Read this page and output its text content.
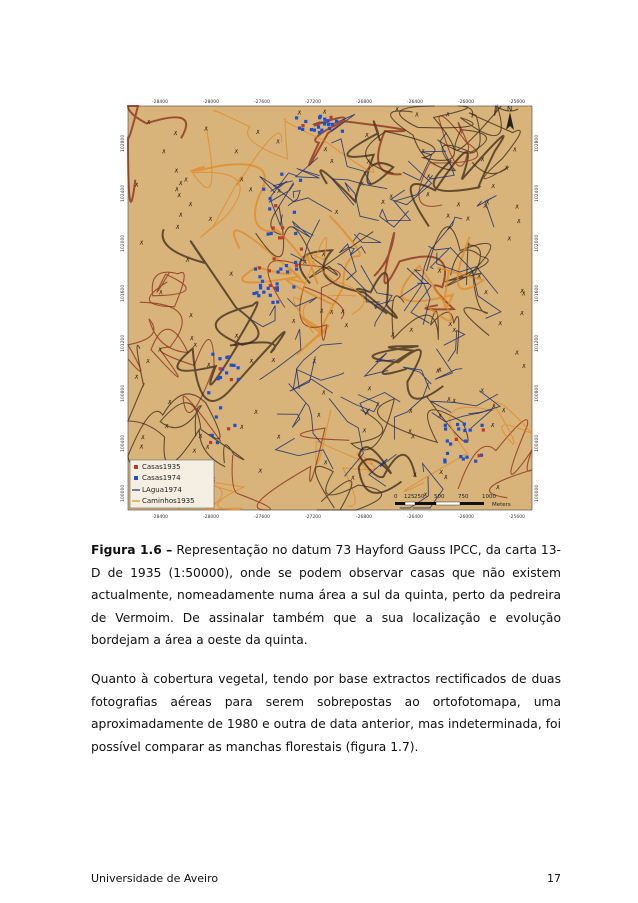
-28400	-28000	-27600	-27200	-26800	-26400	-26000	-25600
-28400	-28000	-27600	-27200	-26800	-26400	-26000	-25600
102800
102400
102000
101600
101200
100800
100400
100000
102800
102400
102000
101600
101200
100800
100400
100000
N
Casas1935
Casas1974
LAgua1974
Caminhos1935	0 125 250 500 750 1000
Meters
Figura 1.6 – Representação no datum 73 Hayford Gauss IPCC, da carta 13-D de 1935 (1:50000), onde se podem observar casas que não existem actualmente, nomeadamente numa área a sul da quinta, perto da pedreira de Vermoim. De assinalar também que a sua localização e evolução bordejam a área a oeste da quinta.
Quanto à cobertura vegetal, tendo por base extractos rectificados de duas fotografias aéreas para serem sobrepostas ao ortofotomapa, uma aproximadamente de 1980 e outra de data anterior, mas indeterminada, foi possível comparar as manchas florestais (figura 1.7).
Universidade de Aveiro	17
